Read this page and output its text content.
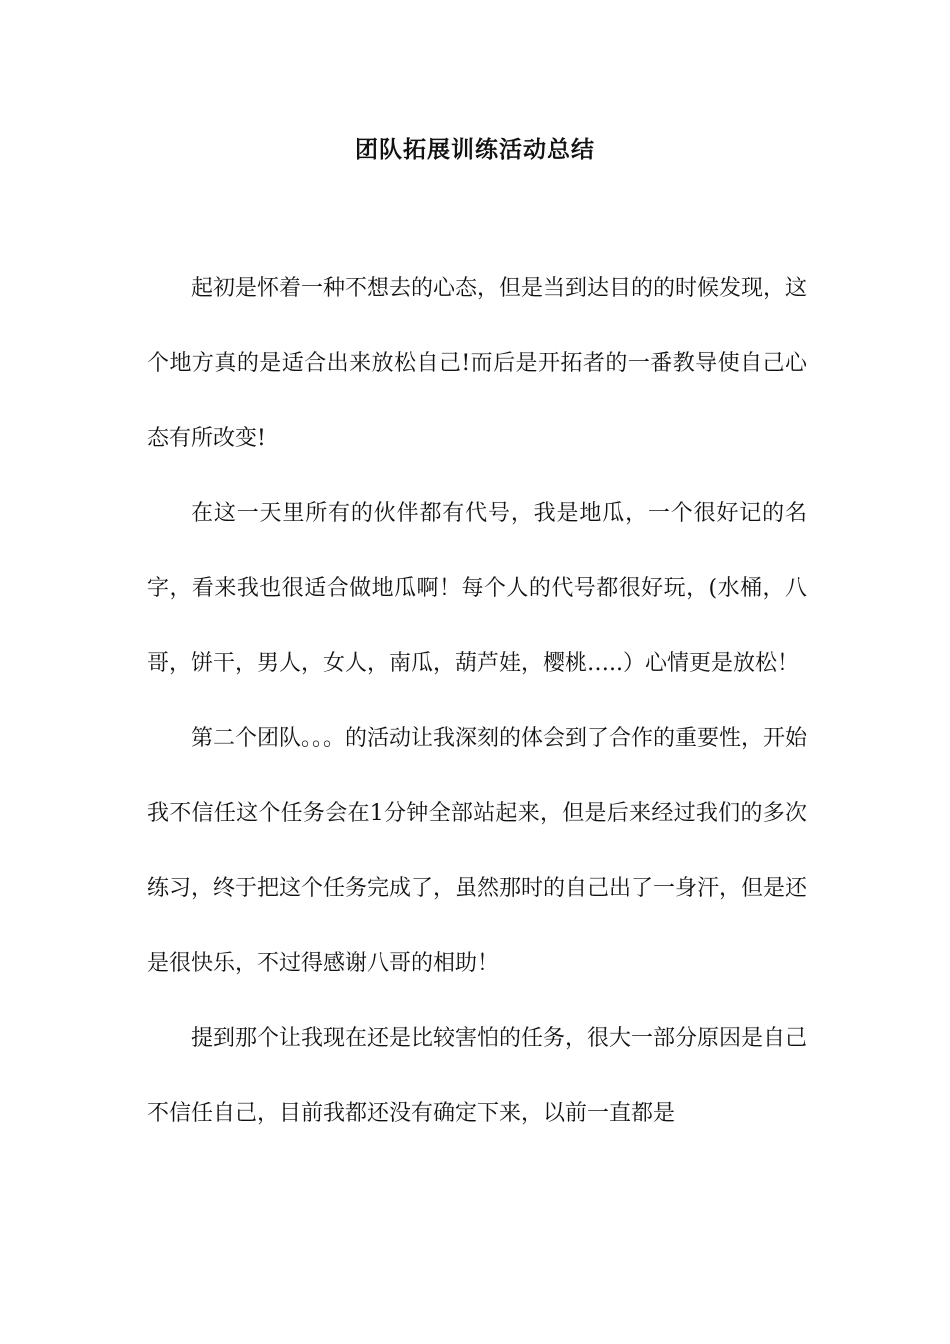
团队拓展训练活动总结

起初是怀着一种不想去的心态，但是当到达目的的时候发现，这个地方真的是适合出来放松自己!而后是开拓者的一番教导使自己心态有所改变!

在这一天里所有的伙伴都有代号，我是地瓜，一个很好记的名字，看来我也很适合做地瓜啊！每个人的代号都很好玩，(水桶，八哥，饼干，男人，女人，南瓜，葫芦娃，樱桃…..）心情更是放松！

第二个团队。。。的活动让我深刻的体会到了合作的重要性，开始我不信任这个任务会在1分钟全部站起来，但是后来经过我们的多次练习，终于把这个任务完成了，虽然那时的自己出了一身汗，但是还是很快乐，不过得感谢八哥的相助！

提到那个让我现在还是比较害怕的任务，很大一部分原因是自己不信任自己，目前我都还没有确定下来，以前一直都是
